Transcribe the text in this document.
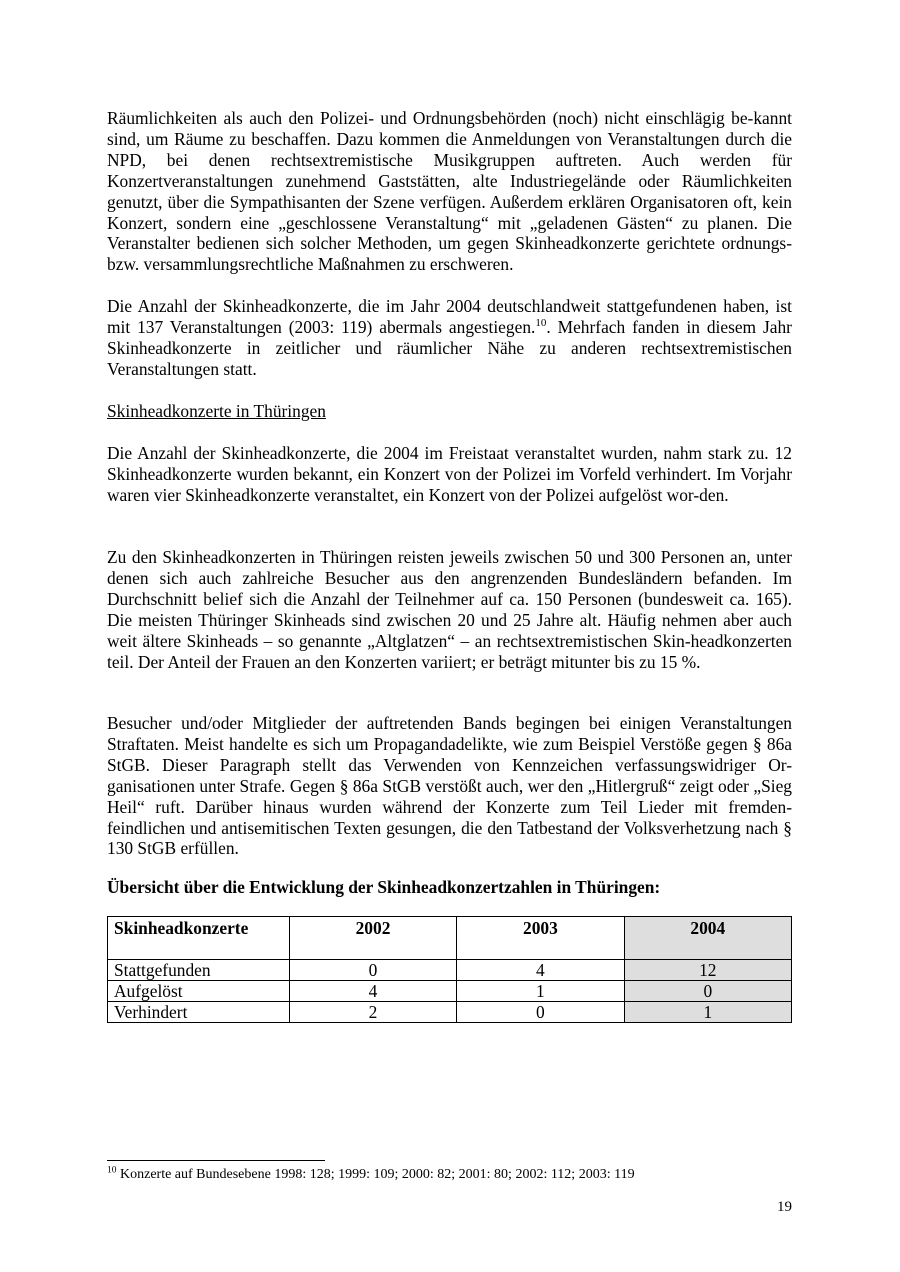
Räumlichkeiten als auch den Polizei- und Ordnungsbehörden (noch) nicht einschlägig be-kannt sind, um Räume zu beschaffen. Dazu kommen die Anmeldungen von Veranstaltungen durch die NPD, bei denen rechtsextremistische Musikgruppen auftreten. Auch werden für Konzertveranstaltungen zunehmend Gaststätten, alte Industriegelände oder Räumlichkeiten genutzt, über die Sympathisanten der Szene verfügen. Außerdem erklären Organisatoren oft, kein Konzert, sondern eine „geschlossene Veranstaltung“ mit „geladenen Gästen“ zu planen. Die Veranstalter bedienen sich solcher Methoden, um gegen Skinheadkonzerte gerichtete ordnungs- bzw. versammlungsrechtliche Maßnahmen zu erschweren.

Die Anzahl der Skinheadkonzerte, die im Jahr 2004 deutschlandweit stattgefundenen haben, ist mit 137 Veranstaltungen (2003: 119) abermals angestiegen.$^{10}$. Mehrfach fanden in diesem Jahr Skinheadkonzerte in zeitlicher und räumlicher Nähe zu anderen rechtsextremistischen Veranstaltungen statt.

Skinheadkonzerte in Thüringen

Die Anzahl der Skinheadkonzerte, die 2004 im Freistaat veranstaltet wurden, nahm stark zu. 12 Skinheadkonzerte wurden bekannt, ein Konzert von der Polizei im Vorfeld verhindert. Im Vorjahr waren vier Skinheadkonzerte veranstaltet, ein Konzert von der Polizei aufgelöst wor-den.

Zu den Skinheadkonzerten in Thüringen reisten jeweils zwischen 50 und 300 Personen an, unter denen sich auch zahlreiche Besucher aus den angrenzenden Bundesländern befanden. Im Durchschnitt belief sich die Anzahl der Teilnehmer auf ca. 150 Personen (bundesweit ca. 165). Die meisten Thüringer Skinheads sind zwischen 20 und 25 Jahre alt. Häufig nehmen aber auch weit ältere Skinheads – so genannte „Altglatzen“ – an rechtsextremistischen Skin-headkonzerten teil. Der Anteil der Frauen an den Konzerten variiert; er beträgt mitunter bis zu 15 %.

Besucher und/oder Mitglieder der auftretenden Bands begingen bei einigen Veranstaltungen Straftaten. Meist handelte es sich um Propagandadelikte, wie zum Beispiel Verstöße gegen § 86a StGB. Dieser Paragraph stellt das Verwenden von Kennzeichen verfassungswidriger Or-ganisationen unter Strafe. Gegen § 86a StGB verstößt auch, wer den „Hitlergruß“ zeigt oder „Sieg Heil“ ruft. Darüber hinaus wurden während der Konzerte zum Teil Lieder mit fremden-feindlichen und antisemitischen Texten gesungen, die den Tatbestand der Volksverhetzung nach § 130 StGB erfüllen.

Übersicht über die Entwicklung der Skinheadkonzertzahlen in Thüringen:
Skinheadkonzerte	2002	2003	2004
Stattgefunden	0	4	12
Aufgelöst	4	1	0
Verhindert	2	0	1
$^{10}$ Konzerte auf Bundesebene 1998: 128; 1999: 109; 2000: 82; 2001: 80; 2002: 112; 2003: 119
19
